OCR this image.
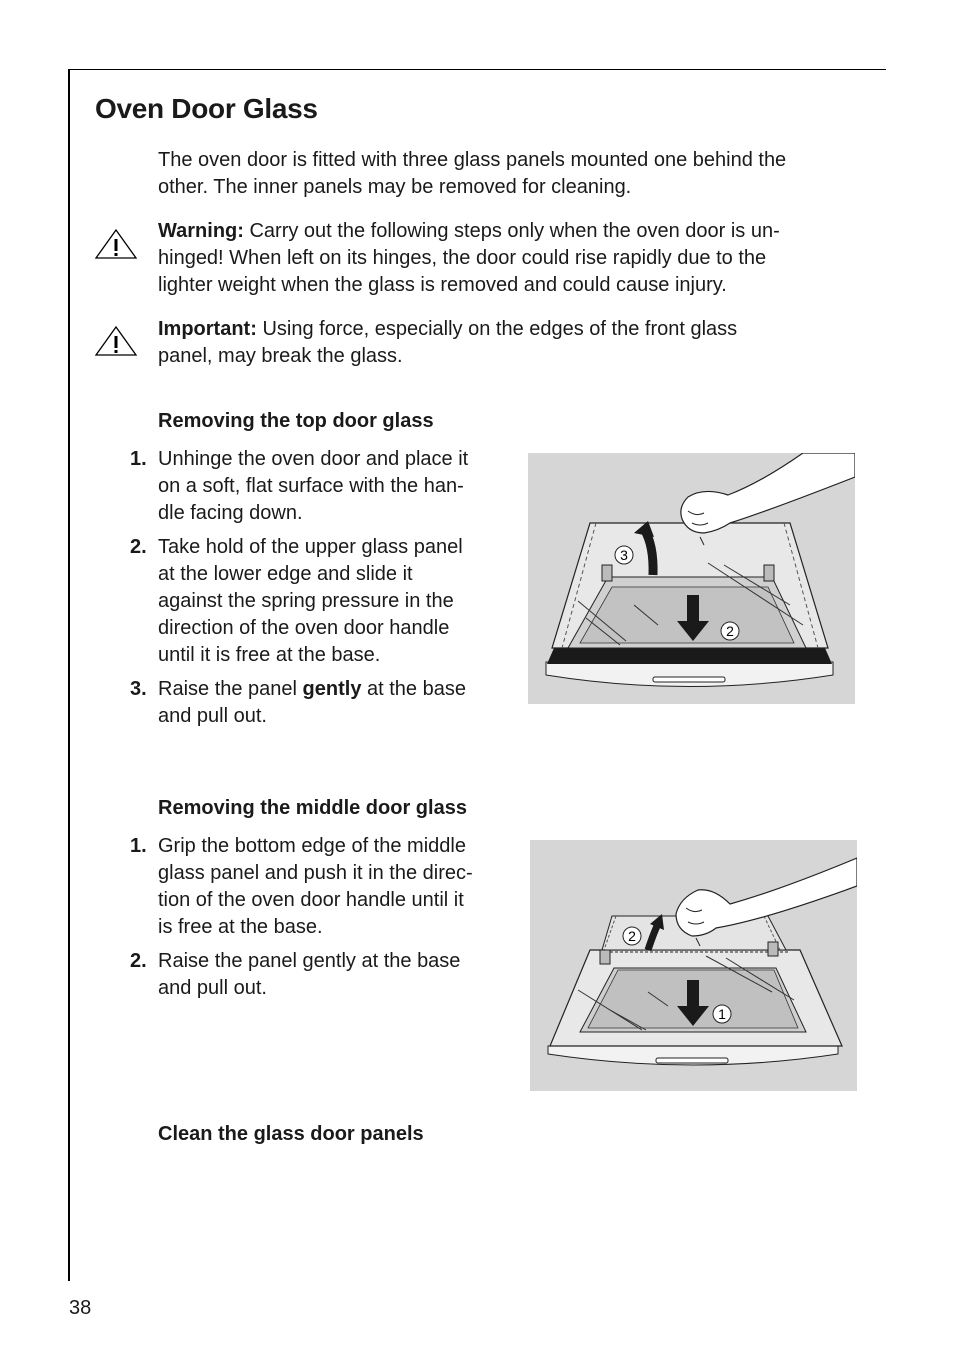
Oven Door Glass
The oven door is fitted with three glass panels mounted one behind the
other. The inner panels may be removed for cleaning.
Warning: Carry out the following steps only when the oven door is un-
hinged! When left on its hinges, the door could rise rapidly due to the
lighter weight when the glass is removed and could cause injury.
Important: Using force, especially on the edges of the front glass
panel, may break the glass.
Removing the top door glass
1. Unhinge the oven door and place it
on a soft, flat surface with the han-
dle facing down.
2. Take hold of the upper glass panel
at the lower edge and slide it
against the spring pressure in the
direction of the oven door handle
until it is free at the base.
3. Raise the panel gently at the base
and pull out.
3
2
Removing the middle door glass
1. Grip the bottom edge of the middle
glass panel and push it in the direc-
tion of the oven door handle until it
is free at the base.
2. Raise the panel gently at the base
and pull out.
2
1
Clean the glass door panels
38
